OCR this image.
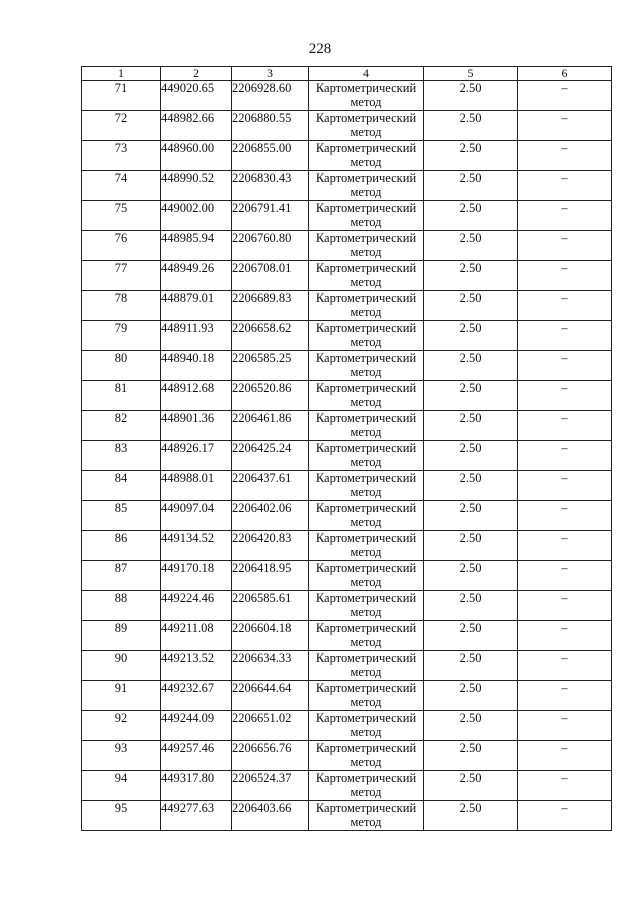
228
1	2	3	4	5	6
71	449020.65	2206928.60	Картометрический метод	2.50	–
72	448982.66	2206880.55	Картометрический метод	2.50	–
73	448960.00	2206855.00	Картометрический метод	2.50	–
74	448990.52	2206830.43	Картометрический метод	2.50	–
75	449002.00	2206791.41	Картометрический метод	2.50	–
76	448985.94	2206760.80	Картометрический метод	2.50	–
77	448949.26	2206708.01	Картометрический метод	2.50	–
78	448879.01	2206689.83	Картометрический метод	2.50	–
79	448911.93	2206658.62	Картометрический метод	2.50	–
80	448940.18	2206585.25	Картометрический метод	2.50	–
81	448912.68	2206520.86	Картометрический метод	2.50	–
82	448901.36	2206461.86	Картометрический метод	2.50	–
83	448926.17	2206425.24	Картометрический метод	2.50	–
84	448988.01	2206437.61	Картометрический метод	2.50	–
85	449097.04	2206402.06	Картометрический метод	2.50	–
86	449134.52	2206420.83	Картометрический метод	2.50	–
87	449170.18	2206418.95	Картометрический метод	2.50	–
88	449224.46	2206585.61	Картометрический метод	2.50	–
89	449211.08	2206604.18	Картометрический метод	2.50	–
90	449213.52	2206634.33	Картометрический метод	2.50	–
91	449232.67	2206644.64	Картометрический метод	2.50	–
92	449244.09	2206651.02	Картометрический метод	2.50	–
93	449257.46	2206656.76	Картометрический метод	2.50	–
94	449317.80	2206524.37	Картометрический метод	2.50	–
95	449277.63	2206403.66	Картометрический метод	2.50	–
